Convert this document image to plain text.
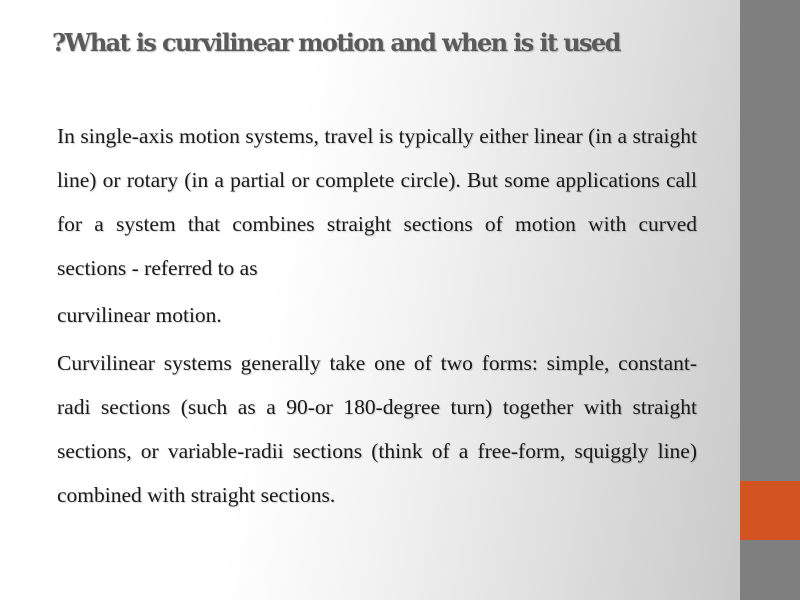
?What is curvilinear motion and when is it used

In single-axis motion systems, travel is typically either linear (in a straight line) or rotary (in a partial or complete circle). But some applications call for a system that combines straight sections of motion with curved sections - referred to as

curvilinear motion.

Curvilinear systems generally take one of two forms: simple, constant-radi sections (such as a 90-or 180-degree turn) together with straight sections, or variable-radii sections (think of a free-form, squiggly line) combined with straight sections.
